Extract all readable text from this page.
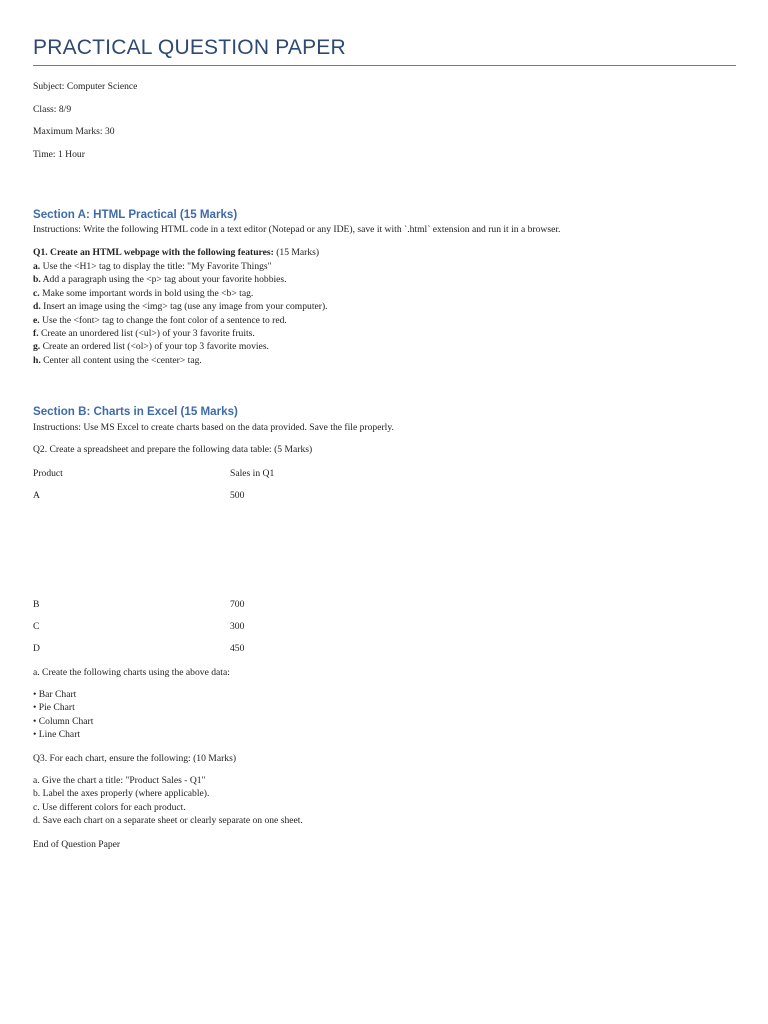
PRACTICAL QUESTION PAPER

Subject: Computer Science

Class: 8/9

Maximum Marks: 30

Time: 1 Hour

Section A: HTML Practical (15 Marks)

Instructions: Write the following HTML code in a text editor (Notepad or any IDE), save it with `.html` extension and run it in a browser.

Q1. Create an HTML webpage with the following features: (15 Marks)

a. Use the <H1> tag to display the title: "My Favorite Things"
b. Add a paragraph using the <p> tag about your favorite hobbies.
c. Make some important words in bold using the <b> tag.
d. Insert an image using the <img> tag (use any image from your computer).
e. Use the <font> tag to change the font color of a sentence to red.
f. Create an unordered list (<ul>) of your 3 favorite fruits.
g. Create an ordered list (<ol>) of your top 3 favorite movies.
h. Center all content using the <center> tag.
Section B: Charts in Excel (15 Marks)

Instructions: Use MS Excel to create charts based on the data provided. Save the file properly.

Q2. Create a spreadsheet and prepare the following data table: (5 Marks)

Product	Sales in Q1
A	500
B	700
C	300
D	450

a. Create the following charts using the above data:

• Bar Chart
• Pie Chart
• Column Chart
• Line Chart

Q3. For each chart, ensure the following: (10 Marks)

a. Give the chart a title: "Product Sales - Q1"
b. Label the axes properly (where applicable).
c. Use different colors for each product.
d. Save each chart on a separate sheet or clearly separate on one sheet.

End of Question Paper
